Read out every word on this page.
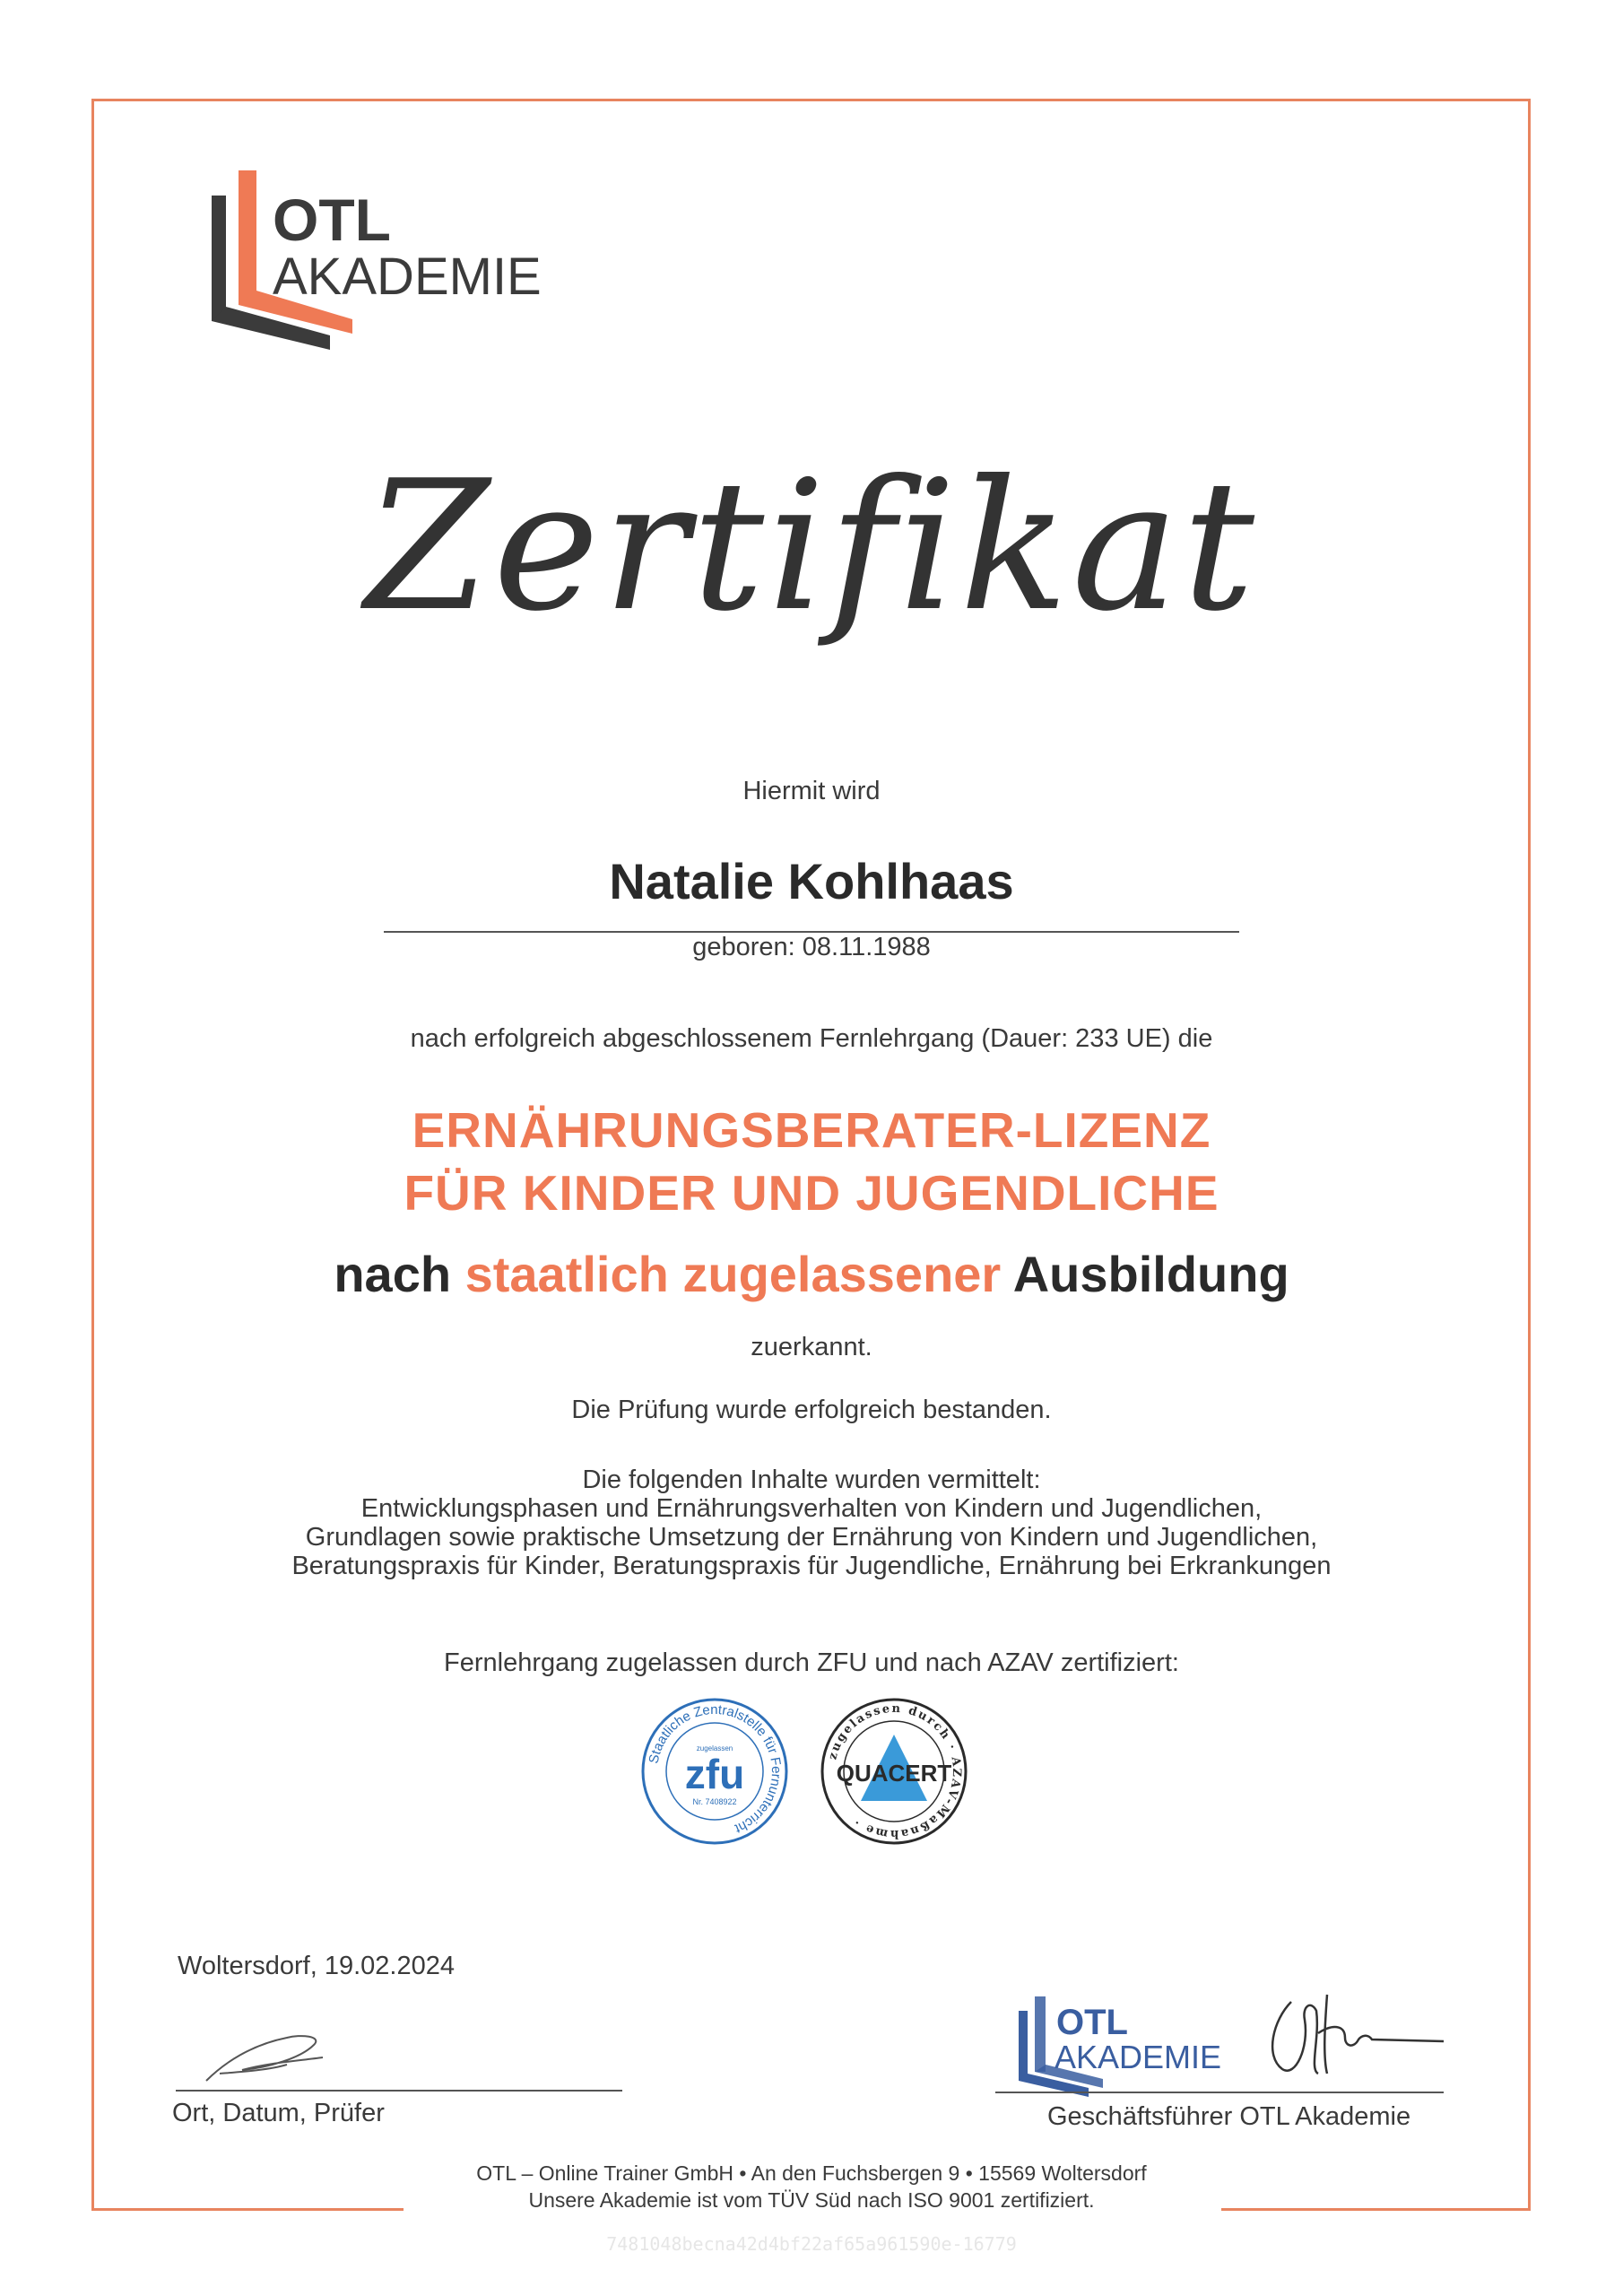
OTL
AKADEMIE
Zertifikat
Hiermit wird
Natalie Kohlhaas
geboren: 08.11.1988
nach erfolgreich abgeschlossenem Fernlehrgang (Dauer: 233 UE) die
ERNÄHRUNGSBERATER-LIZENZ
FÜR KINDER UND JUGENDLICHE
nach staatlich zugelassener Ausbildung
zuerkannt.
Die Prüfung wurde erfolgreich bestanden.
Die folgenden Inhalte wurden vermittelt:
Entwicklungsphasen und Ernährungsverhalten von Kindern und Jugendlichen,
Grundlagen sowie praktische Umsetzung der Ernährung von Kindern und Jugendlichen,
Beratungspraxis für Kinder, Beratungspraxis für Jugendliche, Ernährung bei Erkrankungen
Fernlehrgang zugelassen durch ZFU und nach AZAV zertifiziert:
Staatliche Zentralstelle für Fernunterricht
zugelassen
zfu
Nr. 7408922
zugelassen durch · AZAV-Maßnahme ·
QUACERT
Woltersdorf, 19.02.2024
Ort, Datum, Prüfer
OTL
AKADEMIE
Geschäftsführer OTL Akademie
OTL – Online Trainer GmbH • An den Fuchsbergen 9 • 15569 Woltersdorf
Unsere Akademie ist vom TÜV Süd nach ISO 9001 zertifiziert.
7481048becna42d4bf22af65a961590e-16779
